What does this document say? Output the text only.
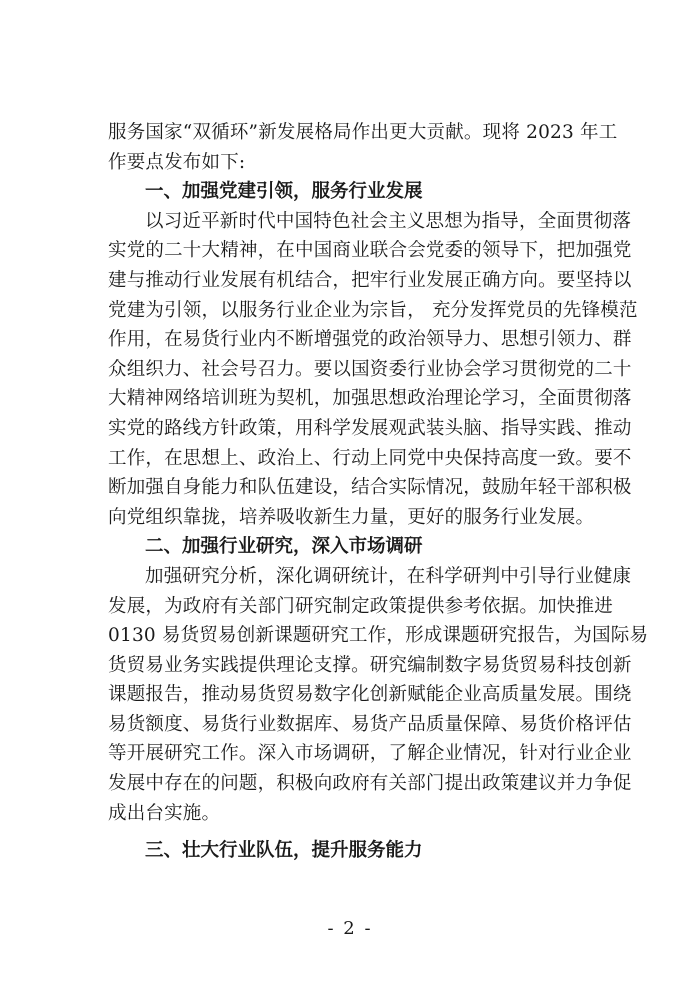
服务国家“双循环”新发展格局作出更大贡献。现将 2023 年工
作要点发布如下:
一、加强党建引领，服务行业发展
以习近平新时代中国特色社会主义思想为指导，全面贯彻落
实党的二十大精神，在中国商业联合会党委的领导下，把加强党
建与推动行业发展有机结合，把牢行业发展正确方向。要坚持以
党建为引领，以服务行业企业为宗旨， 充分发挥党员的先锋模范
作用，在易货行业内不断增强党的政治领导力、思想引领力、群
众组织力、社会号召力。要以国资委行业协会学习贯彻党的二十
大精神网络培训班为契机，加强思想政治理论学习，全面贯彻落
实党的路线方针政策，用科学发展观武装头脑、指导实践、推动
工作，在思想上、政治上、行动上同党中央保持高度一致。要不
断加强自身能力和队伍建设，结合实际情况，鼓励年轻干部积极
向党组织靠拢，培养吸收新生力量，更好的服务行业发展。
二、加强行业研究，深入市场调研
加强研究分析，深化调研统计，在科学研判中引导行业健康
发展，为政府有关部门研究制定政策提供参考依据。加快推进
0130 易货贸易创新课题研究工作，形成课题研究报告，为国际易
货贸易业务实践提供理论支撑。研究编制数字易货贸易科技创新
课题报告，推动易货贸易数字化创新赋能企业高质量发展。围绕
易货额度、易货行业数据库、易货产品质量保障、易货价格评估
等开展研究工作。深入市场调研，了解企业情况，针对行业企业
发展中存在的问题，积极向政府有关部门提出政策建议并力争促
成出台实施。
三、壮大行业队伍，提升服务能力
- 2 -
